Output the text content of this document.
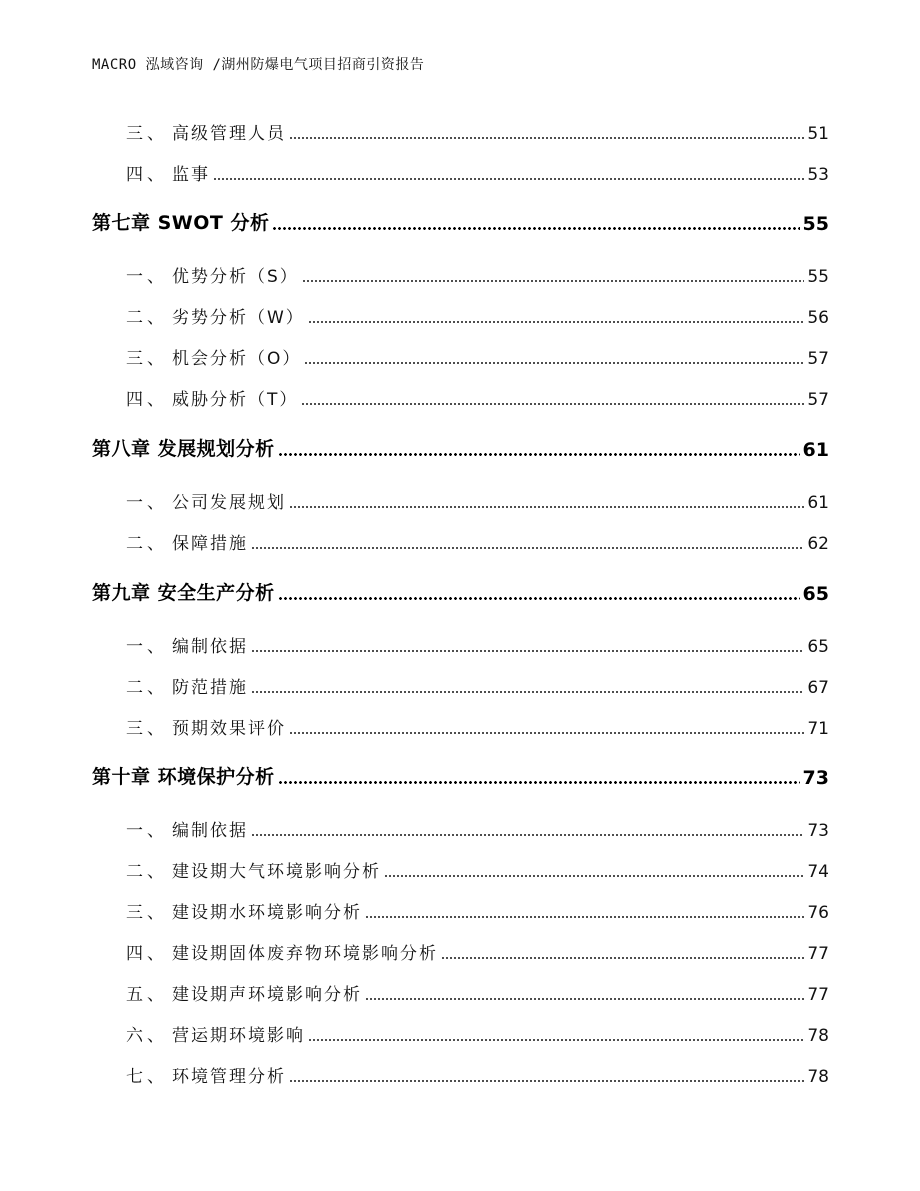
MACRO 泓域咨询 /湖州防爆电气项目招商引资报告
三、 高级管理人员	51
四、 监事	53
第七章 SWOT 分析	55
一、 优势分析（S）	55
二、 劣势分析（W）	56
三、 机会分析（O）	57
四、 威胁分析（T）	57
第八章 发展规划分析	61
一、 公司发展规划	61
二、 保障措施	62
第九章 安全生产分析	65
一、 编制依据	65
二、 防范措施	67
三、 预期效果评价	71
第十章 环境保护分析	73
一、 编制依据	73
二、 建设期大气环境影响分析	74
三、 建设期水环境影响分析	76
四、 建设期固体废弃物环境影响分析	77
五、 建设期声环境影响分析	77
六、 营运期环境影响	78
七、 环境管理分析	78
